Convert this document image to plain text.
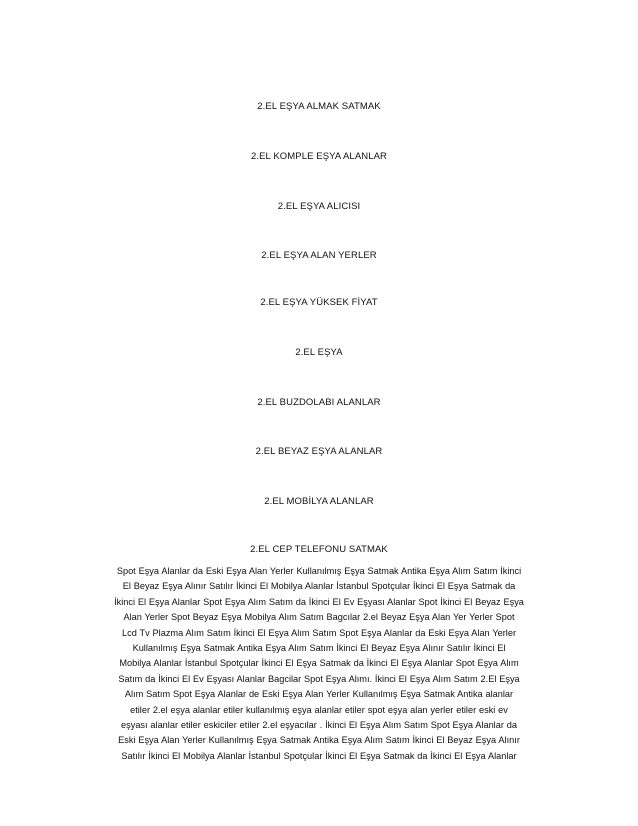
2.EL EŞYA ALMAK SATMAK
2.EL KOMPLE EŞYA ALANLAR
2.EL EŞYA ALICISI
2.EL EŞYA ALAN YERLER
2.EL EŞYA YÜKSEK FİYAT
2.EL EŞYA
2.EL BUZDOLABI ALANLAR
2.EL BEYAZ EŞYA ALANLAR
2.EL MOBİLYA ALANLAR
2.EL CEP TELEFONU SATMAK
Spot Eşya Alanlar da Eski Eşya Alan Yerler Kullanılmış Eşya Satmak Antika Eşya Alım Satım İkinci
El Beyaz Eşya Alınır Satılır İkinci El Mobilya Alanlar İstanbul Spotçular İkinci El Eşya Satmak da
İkinci El Eşya Alanlar Spot Eşya Alım Satım da İkinci El Ev Eşyası Alanlar Spot İkinci El Beyaz Eşya
Alan Yerler Spot Beyaz Eşya Mobilya Alım Satım Bagcılar 2.el Beyaz Eşya Alan Yer Yerler Spot
Lcd Tv Plazma Alım Satım İkinci El Eşya Alım Satım Spot Eşya Alanlar da Eski Eşya Alan Yerler
Kullanılmış Eşya Satmak Antika Eşya Alım Satım İkinci El Beyaz Eşya Alınır Satılır İkinci El
Mobilya Alanlar İstanbul Spotçular İkinci El Eşya Satmak da İkinci El Eşya Alanlar Spot Eşya Alım
Satım da İkinci El Ev Eşyası Alanlar Bagcilar Spot Eşya Alımı. İkinci El Eşya Alım Satım 2.El Eşya
Alım Satım Spot Eşya Alanlar de Eski Eşya Alan Yerler Kullanılmış Eşya Satmak Antika alanlar
etiler 2.el eşya alanlar etiler kullanılmış eşya alanlar etiler spot eşya alan yerler etiler eski ev
eşyası alanlar etiler eskiciler etiler 2.el eşyacılar . İkinci El Eşya Alım Satım Spot Eşya Alanlar da
Eski Eşya Alan Yerler Kullanılmış Eşya Satmak Antika Eşya Alım Satım İkinci El Beyaz Eşya Alınır
Satılır İkinci El Mobilya Alanlar İstanbul Spotçular İkinci El Eşya Satmak da İkinci El Eşya Alanlar
